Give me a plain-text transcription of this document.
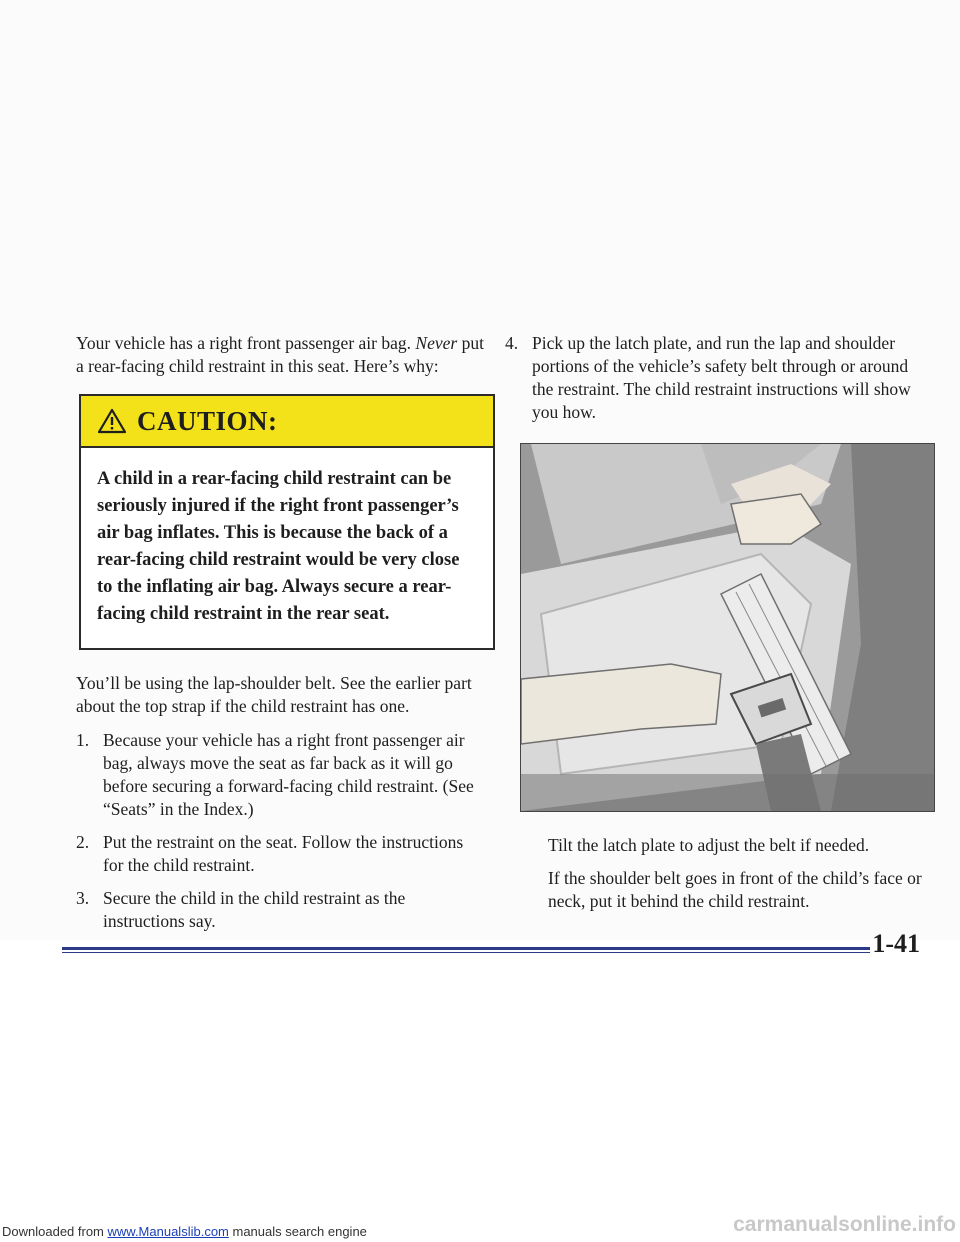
Your vehicle has a right front passenger air bag. Never put a rear-facing child restraint in this seat. Here’s why:

CAUTION:
A child in a rear-facing child restraint can be seriously injured if the right front passenger’s air bag inflates. This is because the back of a rear-facing child restraint would be very close to the inflating air bag. Always secure a rear-facing child restraint in the rear seat.

You’ll be using the lap-shoulder belt. See the earlier part about the top strap if the child restraint has one.

1. Because your vehicle has a right front passenger air bag, always move the seat as far back as it will go before securing a forward-facing child restraint. (See “Seats” in the Index.)
2. Put the restraint on the seat. Follow the instructions for the child restraint.
3. Secure the child in the child restraint as the instructions say.
4. Pick up the latch plate, and run the lap and shoulder portions of the vehicle’s safety belt through or around the restraint. The child restraint instructions will show you how.

Tilt the latch plate to adjust the belt if needed.

If the shoulder belt goes in front of the child’s face or neck, put it behind the child restraint.

1-41
Downloaded from www.Manualslib.com manuals search engine	carmanualsonline.info
